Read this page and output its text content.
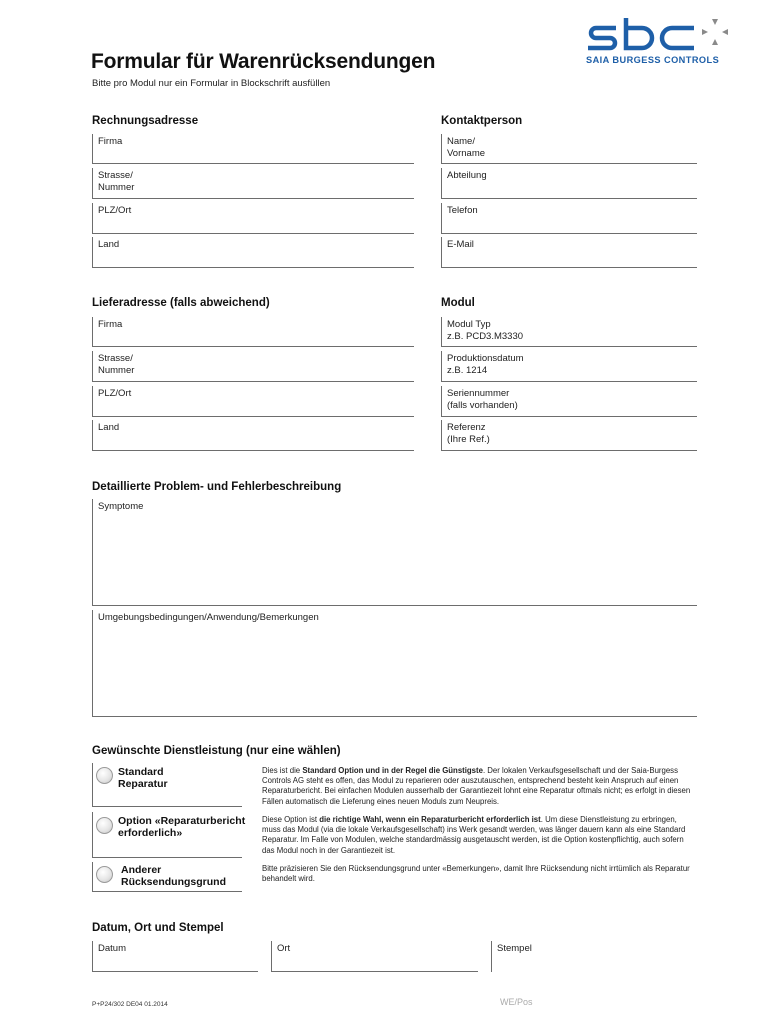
Formular für Warenrücksendungen
Bitte pro Modul nur ein Formular in Blockschrift ausfüllen
SAIA BURGESS CONTROLS
Rechnungsadresse
Firma
Strasse/
Nummer
PLZ/Ort
Land
Kontaktperson
Name/
Vorname
Abteilung
Telefon
E-Mail
Lieferadresse (falls abweichend)
Firma
Strasse/
Nummer
PLZ/Ort
Land
Modul
Modul Typ
z.B. PCD3.M3330
Produktionsdatum
z.B. 1214
Seriennummer
(falls vorhanden)
Referenz
(Ihre Ref.)
Detaillierte Problem- und Fehlerbeschreibung
Symptome
Umgebungsbedingungen/Anwendung/Bemerkungen
Gewünschte Dienstleistung (nur eine wählen)
Standard
Reparatur
Dies ist die Standard Option und in der Regel die Günstigste. Der lokalen Verkaufsgesellschaft und der Saia-Burgess Controls AG steht es offen, das Modul zu reparieren oder auszutauschen, entsprechend besteht kein Anspruch auf einen Reparaturbericht. Bei einfachen Modulen ausserhalb der Garantiezeit lohnt eine Reparatur oftmals nicht; es erfolgt in diesen Fällen automatisch die Lieferung eines neuen Moduls zum Neupreis.
Option «Reparaturbericht
erforderlich»
Diese Option ist die richtige Wahl, wenn ein Reparaturbericht erforderlich ist. Um diese Dienstleistung zu erbringen, muss das Modul (via die lokale Verkaufsgesellschaft) ins Werk gesandt werden, was länger dauern kann als eine Standard Reparatur. Im Falle von Modulen, welche standardmässig ausgetauscht werden, ist die Option kostenpflichtig, auch sofern das Modul noch in der Garantiezeit ist.
Anderer
Rücksendungsgrund
Bitte präzisieren Sie den Rücksendungsgrund unter «Bemerkungen», damit Ihre Rücksendung nicht irrtümlich als Reparatur behandelt wird.
Datum, Ort und Stempel
Datum	Ort	Stempel
P+P24/302 DE04 01.2014	WE/Pos
